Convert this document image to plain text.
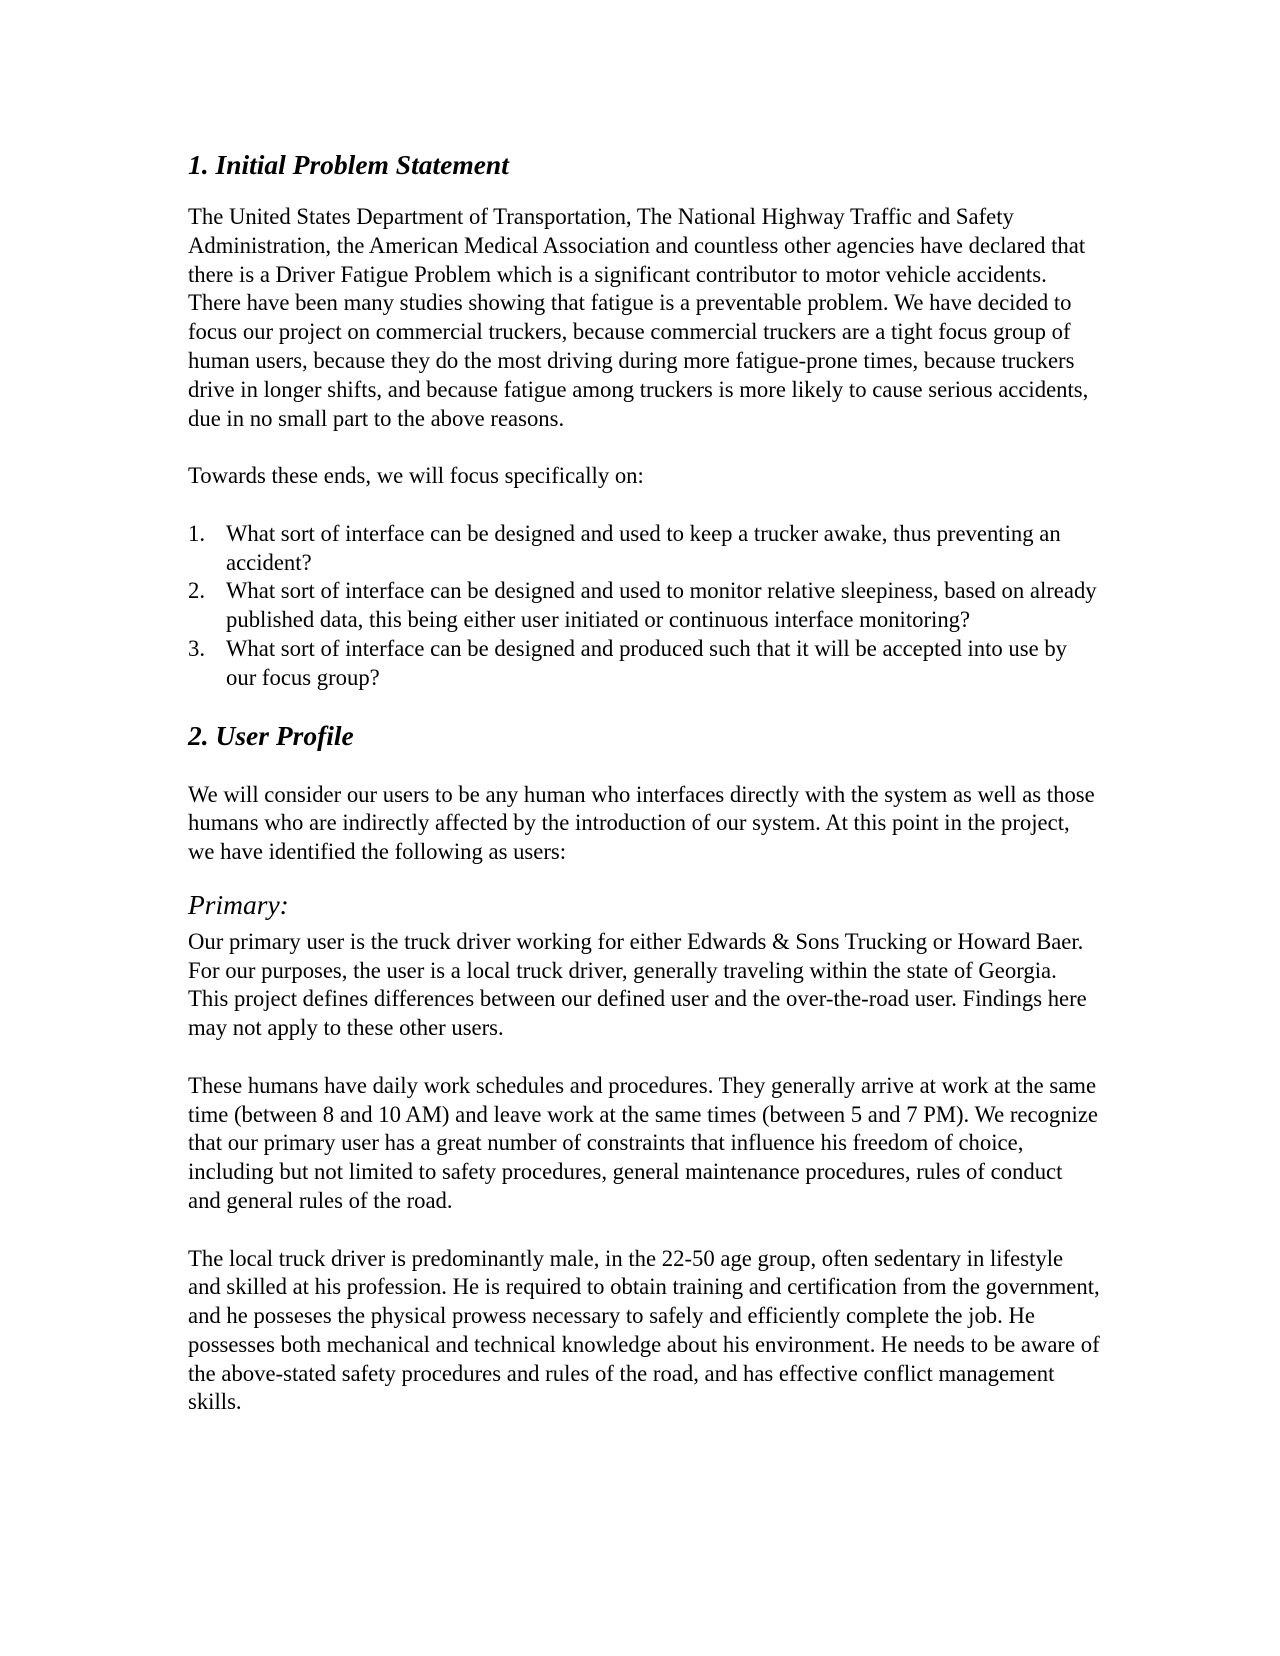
1. Initial Problem Statement

The United States Department of Transportation, The National Highway Traffic and Safety Administration, the American Medical Association and countless other agencies have declared that there is a Driver Fatigue Problem which is a significant contributor to motor vehicle accidents. There have been many studies showing that fatigue is a preventable problem. We have decided to focus our project on commercial truckers, because commercial truckers are a tight focus group of human users, because they do the most driving during more fatigue-prone times, because truckers drive in longer shifts, and because fatigue among truckers is more likely to cause serious accidents, due in no small part to the above reasons.

Towards these ends, we will focus specifically on:

1. What sort of interface can be designed and used to keep a trucker awake, thus preventing an accident?
2. What sort of interface can be designed and used to monitor relative sleepiness, based on already published data, this being either user initiated or continuous interface monitoring?
3. What sort of interface can be designed and produced such that it will be accepted into use by our focus group?
2. User Profile

We will consider our users to be any human who interfaces directly with the system as well as those humans who are indirectly affected by the introduction of our system. At this point in the project, we have identified the following as users:

Primary:

Our primary user is the truck driver working for either Edwards & Sons Trucking or Howard Baer. For our purposes, the user is a local truck driver, generally traveling within the state of Georgia. This project defines differences between our defined user and the over-the-road user. Findings here may not apply to these other users.

These humans have daily work schedules and procedures. They generally arrive at work at the same time (between 8 and 10 AM) and leave work at the same times (between 5 and 7 PM). We recognize that our primary user has a great number of constraints that influence his freedom of choice, including but not limited to safety procedures, general maintenance procedures, rules of conduct and general rules of the road.

The local truck driver is predominantly male, in the 22-50 age group, often sedentary in lifestyle and skilled at his profession. He is required to obtain training and certification from the government, and he posseses the physical prowess necessary to safely and efficiently complete the job. He possesses both mechanical and technical knowledge about his environment. He needs to be aware of the above-stated safety procedures and rules of the road, and has effective conflict management skills.
